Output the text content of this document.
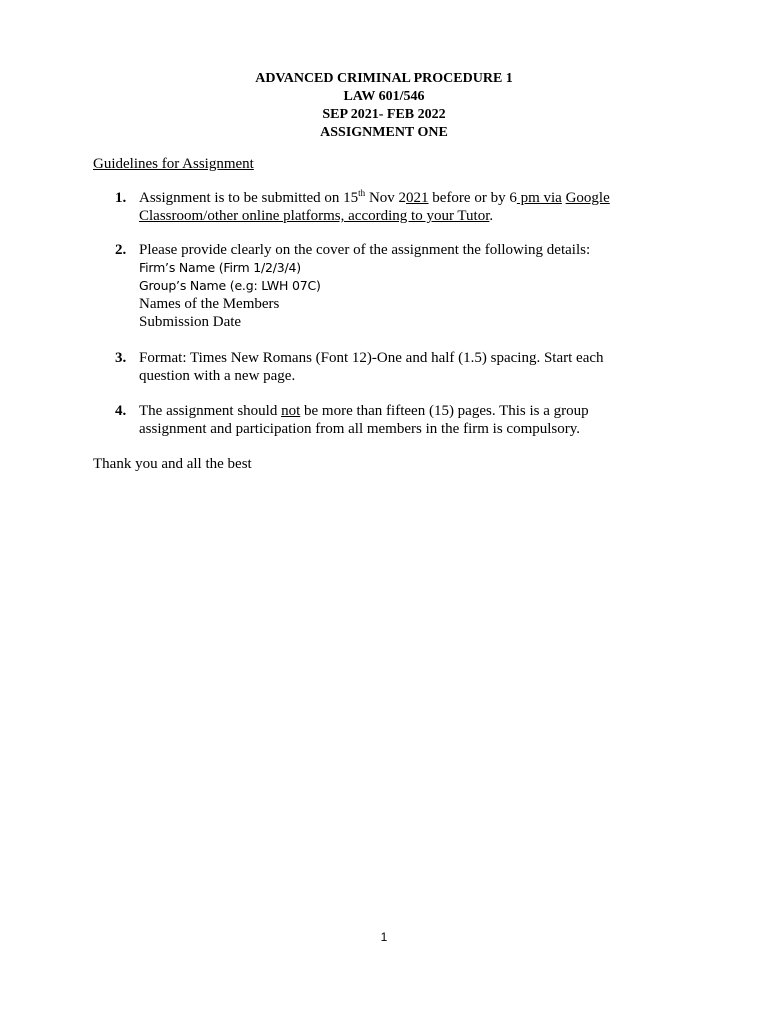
ADVANCED CRIMINAL PROCEDURE 1
LAW 601/546
SEP 2021- FEB 2022
ASSIGNMENT ONE
Guidelines for Assignment
1. Assignment is to be submitted on 15th Nov 2021 before or by 6 pm via Google
Classroom/other online platforms, according to your Tutor.
2. Please provide clearly on the cover of the assignment the following details:
Firm’s Name (Firm 1/2/3/4)
Group’s Name (e.g: LWH 07C)
Names of the Members
Submission Date
3. Format: Times New Romans (Font 12)-One and half (1.5) spacing. Start each
question with a new page.
4. The assignment should not be more than fifteen (15) pages. This is a group
assignment and participation from all members in the firm is compulsory.
Thank you and all the best
1
